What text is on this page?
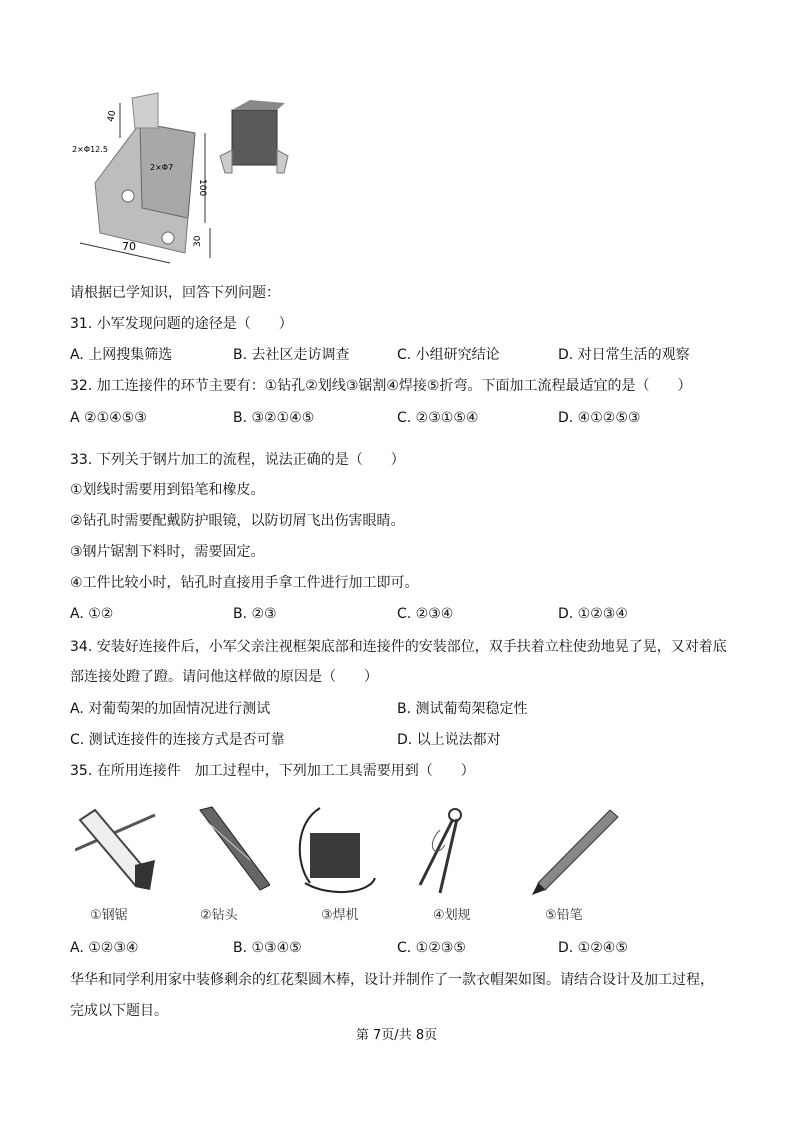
40
2×Φ12.5
2×Φ7
100
30
70
请根据已学知识，回答下列问题：
31. 小军发现问题的途径是（　　）
A. 上网搜集筛选	B. 去社区走访调查	C. 小组研究结论	D. 对日常生活的观察
32. 加工连接件的环节主要有：①钻孔②划线③锯割④焊接⑤折弯。下面加工流程最适宜的是（　　）
A ②①④⑤③	B. ③②①④⑤	C. ②③①⑤④	D. ④①②⑤③
33. 下列关于钢片加工的流程，说法正确的是（　　）
①划线时需要用到铅笔和橡皮。
②钻孔时需要配戴防护眼镜，以防切屑飞出伤害眼睛。
③钢片锯割下料时，需要固定。
④工件比较小时，钻孔时直接用手拿工件进行加工即可。
A. ①②	B. ②③	C. ②③④	D. ①②③④
34. 安装好连接件后，小军父亲注视框架底部和连接件的安装部位，双手扶着立柱使劲地晃了晃，又对着底
部连接处蹬了蹬。请问他这样做的原因是（　　）
A. 对葡萄架的加固情况进行测试	B. 测试葡萄架稳定性
C. 测试连接件的连接方式是否可靠	D. 以上说法都对
35. 在所用连接件　加工过程中，下列加工工具需要用到（　　）
①钢锯	②钻头	③焊机	④划规	⑤铅笔
A. ①②③④	B. ①③④⑤	C. ①②③⑤	D. ①②④⑤
华华和同学利用家中装修剩余的红花梨圆木棒，设计并制作了一款衣帽架如图。请结合设计及加工过程，
完成以下题目。
第 7页/共 8页
